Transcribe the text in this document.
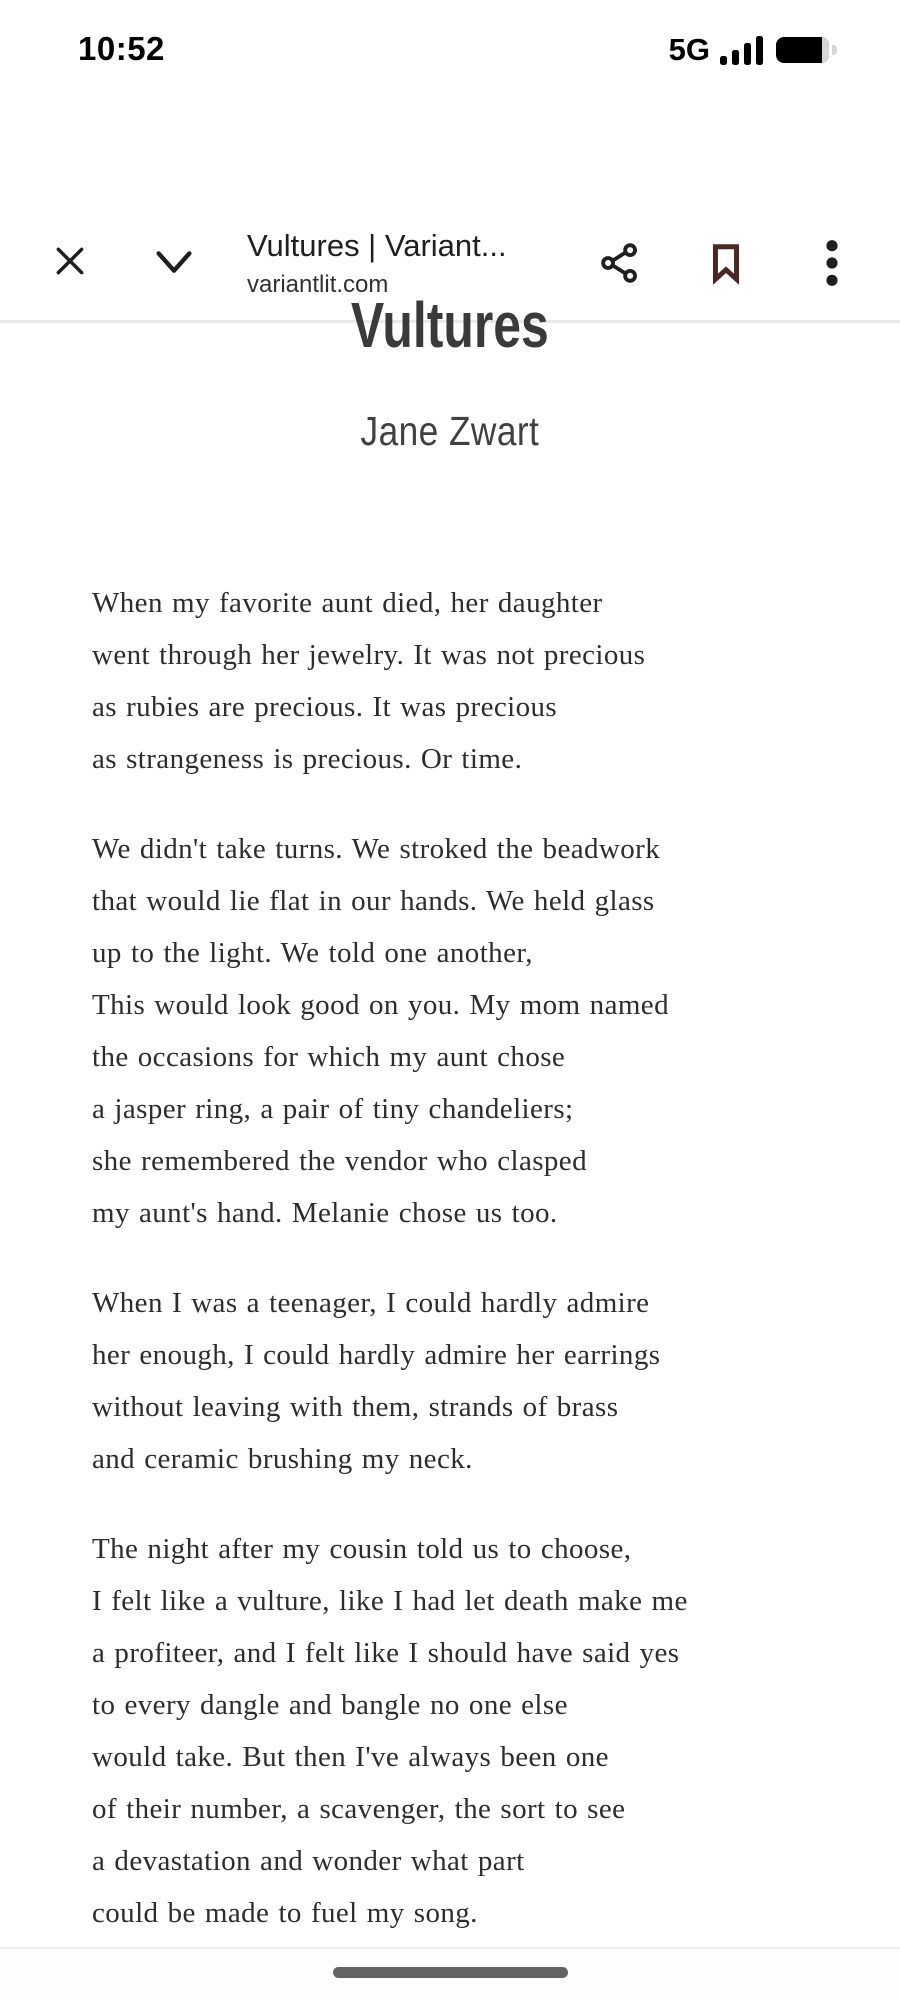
10:52	5G
Vultures | Variant...
variantlit.com
Vultures
Jane Zwart
When my favorite aunt died, her daughter
went through her jewelry. It was not precious
as rubies are precious. It was precious
as strangeness is precious. Or time.
We didn't take turns. We stroked the beadwork
that would lie flat in our hands. We held glass
up to the light. We told one another,
This would look good on you. My mom named
the occasions for which my aunt chose
a jasper ring, a pair of tiny chandeliers;
she remembered the vendor who clasped
my aunt's hand. Melanie chose us too.
When I was a teenager, I could hardly admire
her enough, I could hardly admire her earrings
without leaving with them, strands of brass
and ceramic brushing my neck.
The night after my cousin told us to choose,
I felt like a vulture, like I had let death make me
a profiteer, and I felt like I should have said yes
to every dangle and bangle no one else
would take. But then I've always been one
of their number, a scavenger, the sort to see
a devastation and wonder what part
could be made to fuel my song.
